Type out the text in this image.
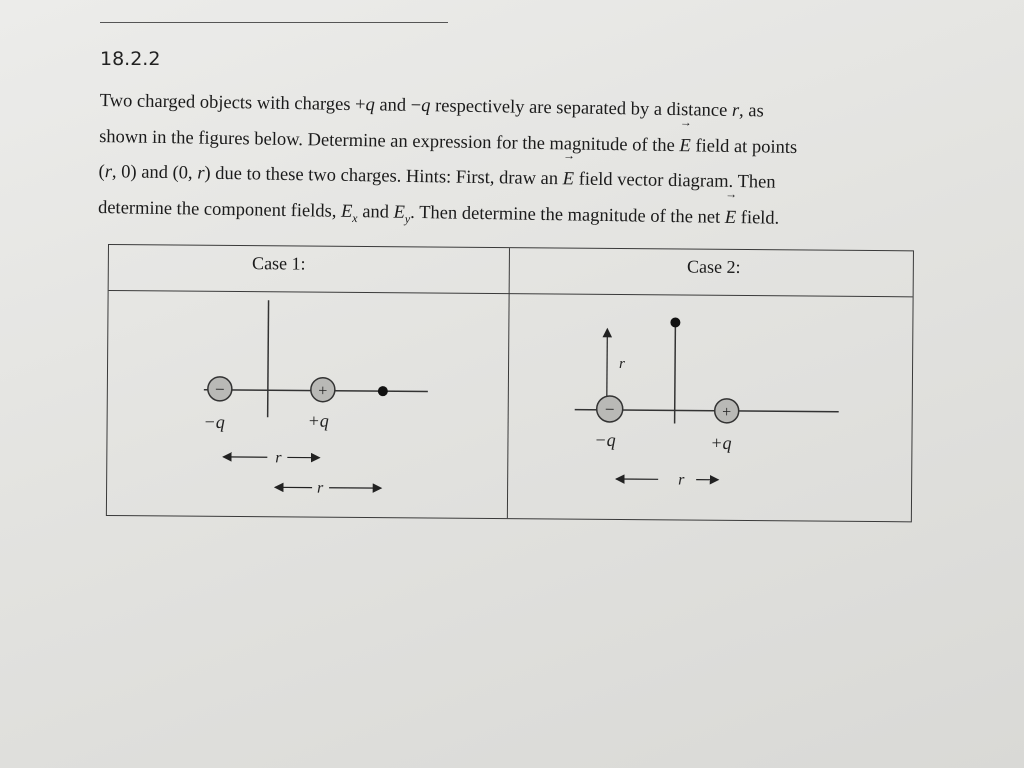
18.2.2

Two charged objects with charges +q and −q respectively are separated by a distance r, as

shown in the figures below. Determine an expression for the magnitude of the → E field at points

(r, 0) and (0, r) due to these two charges. Hints: First, draw an → E field vector diagram. Then

determine the component fields, $E_x$ and $E_y$. Then determine the magnitude of the net → E field.

Case 1:	Case 2:
−	+
−q	+q
r
r
r
−	+
−q	+q
r
